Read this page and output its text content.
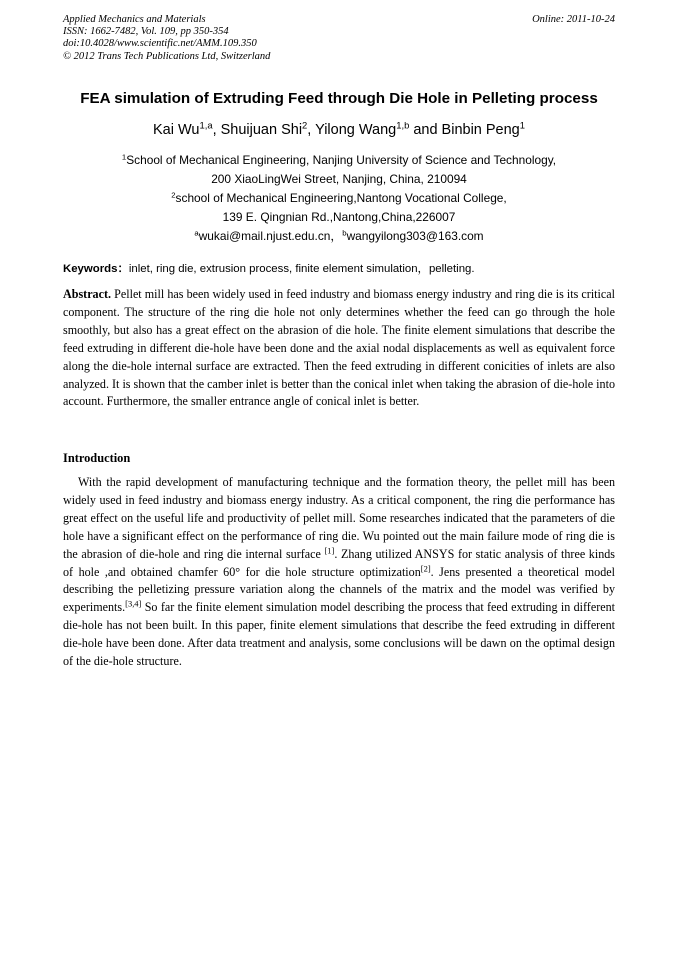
Applied Mechanics and Materials
ISSN: 1662-7482, Vol. 109, pp 350-354
doi:10.4028/www.scientific.net/AMM.109.350
© 2012 Trans Tech Publications Ltd, Switzerland
Online: 2011-10-24
FEA simulation of Extruding Feed through Die Hole in Pelleting process
Kai Wu$^{1,a}$, Shuijuan Shi$^2$, Yilong Wang$^{1,b}$ and Binbin Peng$^1$
$^1$School of Mechanical Engineering, Nanjing University of Science and Technology,
200 XiaoLingWei Street, Nanjing, China, 210094
$^2$school of Mechanical Engineering,Nantong Vocational College,
139 E. Qingnian Rd.,Nantong,China,226007
$^a$wukai@mail.njust.edu.cn，$^b$wangyilong303@163.com
Keywords：inlet, ring die, extrusion process, finite element simulation，pelleting.
Abstract. Pellet mill has been widely used in feed industry and biomass energy industry and ring die is its critical component. The structure of the ring die hole not only determines whether the feed can go through the hole smoothly, but also has a great effect on the abrasion of die hole. The finite element simulations that describe the feed extruding in different die-hole have been done and the axial nodal displacements as well as equivalent force along the die-hole internal surface are extracted. Then the feed extruding in different conicities of inlets are also analyzed. It is shown that the camber inlet is better than the conical inlet when taking the abrasion of die-hole into account. Furthermore, the smaller entrance angle of conical inlet is better.
Introduction

With the rapid development of manufacturing technique and the formation theory, the pellet mill has been widely used in feed industry and biomass energy industry. As a critical component, the ring die performance has great effect on the useful life and productivity of pellet mill. Some researches indicated that the parameters of die hole have a significant effect on the performance of ring die. Wu pointed out the main failure mode of ring die is the abrasion of die-hole and ring die internal surface [1]. Zhang utilized ANSYS for static analysis of three kinds of hole ,and obtained chamfer 60° for die hole structure optimization[2]. Jens presented a theoretical model describing the pelletizing pressure variation along the channels of the matrix and the model was verified by experiments.[3,4] So far the finite element simulation model describing the process that feed extruding in different die-hole has not been built. In this paper, finite element simulations that describe the feed extruding in different die-hole have been done. After data treatment and analysis, some conclusions will be dawn on the optimal design of the die-hole structure.
